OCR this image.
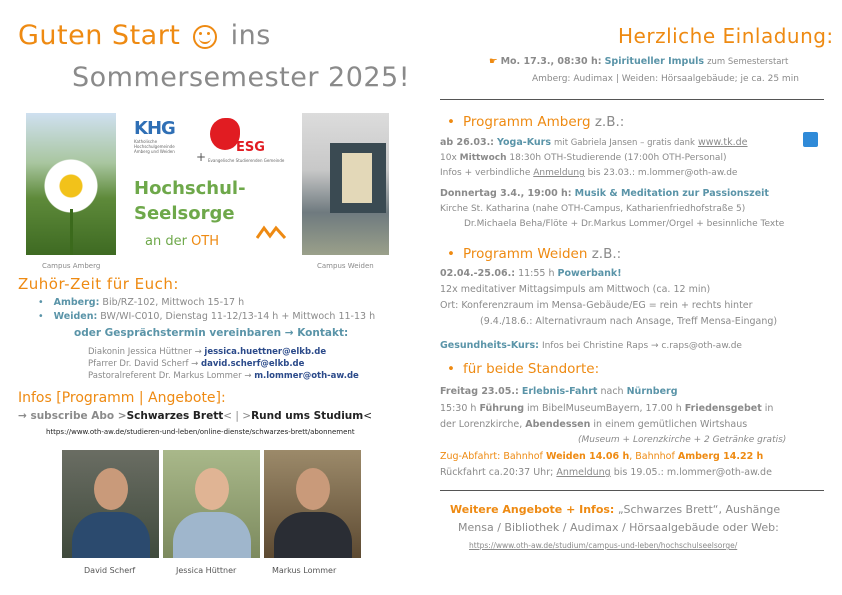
Guten Start ins
Sommersemester 2025!
Campus Amberg	Campus Weiden
KHG
Katholische Hochschulgemeinde Amberg und Weiden	+
ESG
Evangelische Studierenden Gemeinde
Hochschul-
Seelsorge
an der OTH
Zuhör-Zeit für Euch:
• Amberg: Bib/RZ-102, Mittwoch 15-17 h
• Weiden: BW/WI-C010, Dienstag 11-12/13-14 h + Mittwoch 11-13 h
oder Gesprächstermin vereinbaren → Kontakt:
Diakonin Jessica Hüttner → jessica.huettner@elkb.de
Pfarrer Dr. David Scherf → david.scherf@elkb.de
Pastoralreferent Dr. Markus Lommer → m.lommer@oth-aw.de
Infos [Programm | Angebote]:
→ subscribe Abo >Schwarzes Brett< | >Rund ums Studium<
https://www.oth-aw.de/studieren-und-leben/online-dienste/schwarzes-brett/abonnement
David Scherf	Jessica Hüttner	Markus Lommer
Herzliche Einladung:
☛ Mo. 17.3., 08:30 h: Spiritueller Impuls zum Semesterstart
Amberg: Audimax | Weiden: Hörsaalgebäude; je ca. 25 min
• Programm Amberg z.B.:
ab 26.03.: Yoga-Kurs mit Gabriela Jansen – gratis dank www.tk.de
10x Mittwoch 18:30h OTH-Studierende (17:00h OTH-Personal)
Infos + verbindliche Anmeldung bis 23.03.: m.lommer@oth-aw.de
Donnertag 3.4., 19:00 h: Musik & Meditation zur Passionszeit
Kirche St. Katharina (nahe OTH-Campus, Katharienfriedhofstraße 5)
Dr.Michaela Beha/Flöte + Dr.Markus Lommer/Orgel + besinnliche Texte
• Programm Weiden z.B.:
02.04.-25.06.: 11:55 h Powerbank!
12x meditativer Mittagsimpuls am Mittwoch (ca. 12 min)
Ort: Konferenzraum im Mensa-Gebäude/EG = rein + rechts hinter
(9.4./18.6.: Alternativraum nach Ansage, Treff Mensa-Eingang)
Gesundheits-Kurs: Infos bei Christine Raps → c.raps@oth-aw.de
• für beide Standorte:
Freitag 23.05.: Erlebnis-Fahrt nach Nürnberg
15:30 h Führung im BibelMuseumBayern, 17.00 h Friedensgebet in
der Lorenzkirche, Abendessen in einem gemütlichen Wirtshaus
(Museum + Lorenzkirche + 2 Getränke gratis)
Zug-Abfahrt: Bahnhof Weiden 14.06 h, Bahnhof Amberg 14.22 h
Rückfahrt ca.20:37 Uhr; Anmeldung bis 19.05.: m.lommer@oth-aw.de
Weitere Angebote + Infos: „Schwarzes Brett“, Aushänge
Mensa / Bibliothek / Audimax / Hörsaalgebäude oder Web:
https://www.oth-aw.de/studium/campus-und-leben/hochschulseelsorge/
